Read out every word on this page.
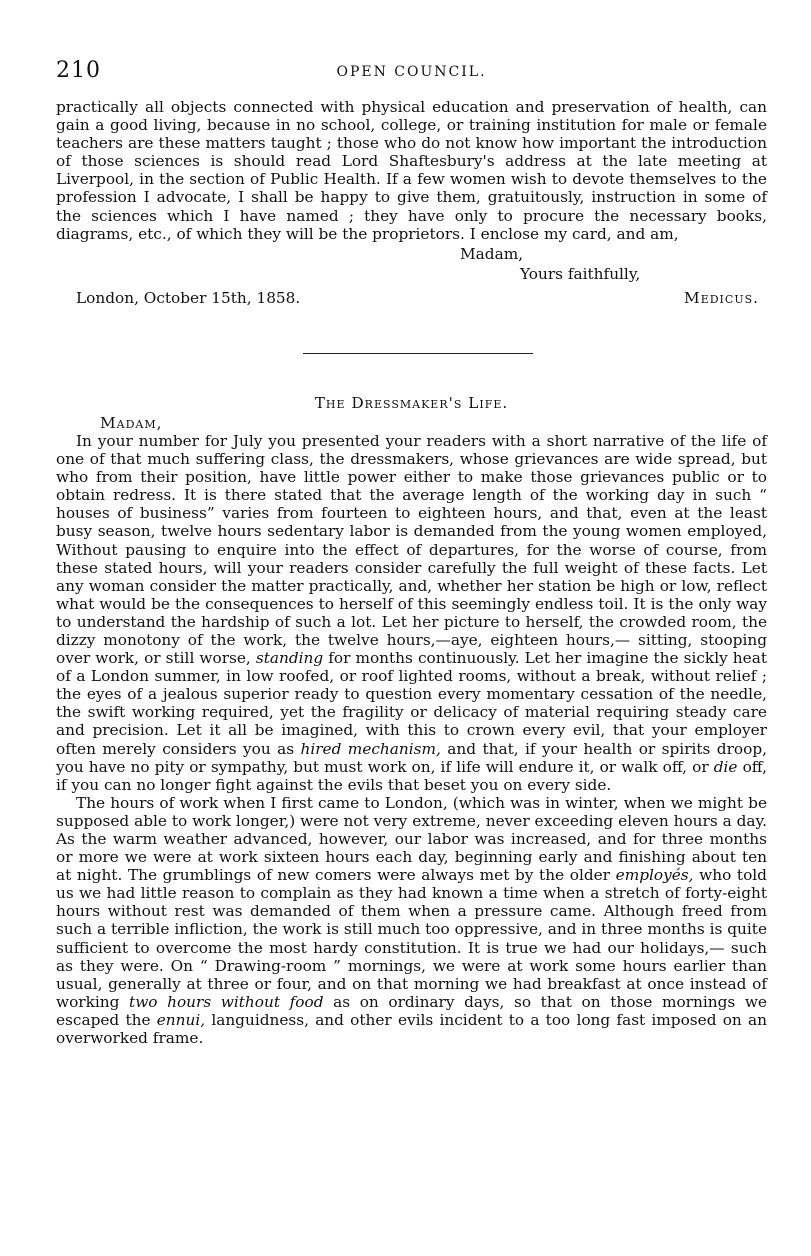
210	OPEN COUNCIL.

practically all objects connected with physical education and preservation of health, can gain a good living, because in no school, college, or training institution for male or female teachers are these matters taught ; those who do not know how important the introduction of those sciences is should read Lord Shaftesbury's address at the late meeting at Liverpool, in the section of Public Health. If a few women wish to devote themselves to the profession I advocate, I shall be happy to give them, gratuitously, instruction in some of the sciences which I have named ; they have only to procure the necessary books, diagrams, etc., of which they will be the proprietors. I enclose my card, and am,

Madam,
Yours faithfully,
London, October 15th, 1858.	Medicus.
The Dressmaker's Life.
Madam,

In your number for July you presented your readers with a short narrative of the life of one of that much suffering class, the dressmakers, whose grievances are wide spread, but who from their position, have little power either to make those grievances public or to obtain redress. It is there stated that the average length of the working day in such “ houses of business” varies from fourteen to eighteen hours, and that, even at the least busy season, twelve hours sedentary labor is demanded from the young women employed, Without pausing to enquire into the effect of departures, for the worse of course, from these stated hours, will your readers consider carefully the full weight of these facts. Let any woman consider the matter practically, and, whether her station be high or low, reflect what would be the consequences to herself of this seemingly endless toil. It is the only way to understand the hardship of such a lot. Let her picture to herself, the crowded room, the dizzy monotony of the work, the twelve hours,—aye, eighteen hours,— sitting, stooping over work, or still worse, standing for months continuously. Let her imagine the sickly heat of a London summer, in low roofed, or roof lighted rooms, without a break, without relief ; the eyes of a jealous superior ready to question every momentary cessation of the needle, the swift working required, yet the fragility or delicacy of material requiring steady care and precision. Let it all be imagined, with this to crown every evil, that your employer often merely considers you as hired mechanism, and that, if your health or spirits droop, you have no pity or sympathy, but must work on, if life will endure it, or walk off, or die off, if you can no longer fight against the evils that beset you on every side.

The hours of work when I first came to London, (which was in winter, when we might be supposed able to work longer,) were not very extreme, never exceeding eleven hours a day. As the warm weather advanced, however, our labor was increased, and for three months or more we were at work sixteen hours each day, beginning early and finishing about ten at night. The grumblings of new comers were always met by the older employés, who told us we had little reason to complain as they had known a time when a stretch of forty-eight hours without rest was demanded of them when a pressure came. Although freed from such a terrible infliction, the work is still much too oppressive, and in three months is quite sufficient to overcome the most hardy constitution. It is true we had our holidays,— such as they were. On “ Drawing-room ” mornings, we were at work some hours earlier than usual, generally at three or four, and on that morning we had breakfast at once instead of working two hours without food as on ordinary days, so that on those mornings we escaped the ennui, languidness, and other evils incident to a too long fast imposed on an overworked frame.
